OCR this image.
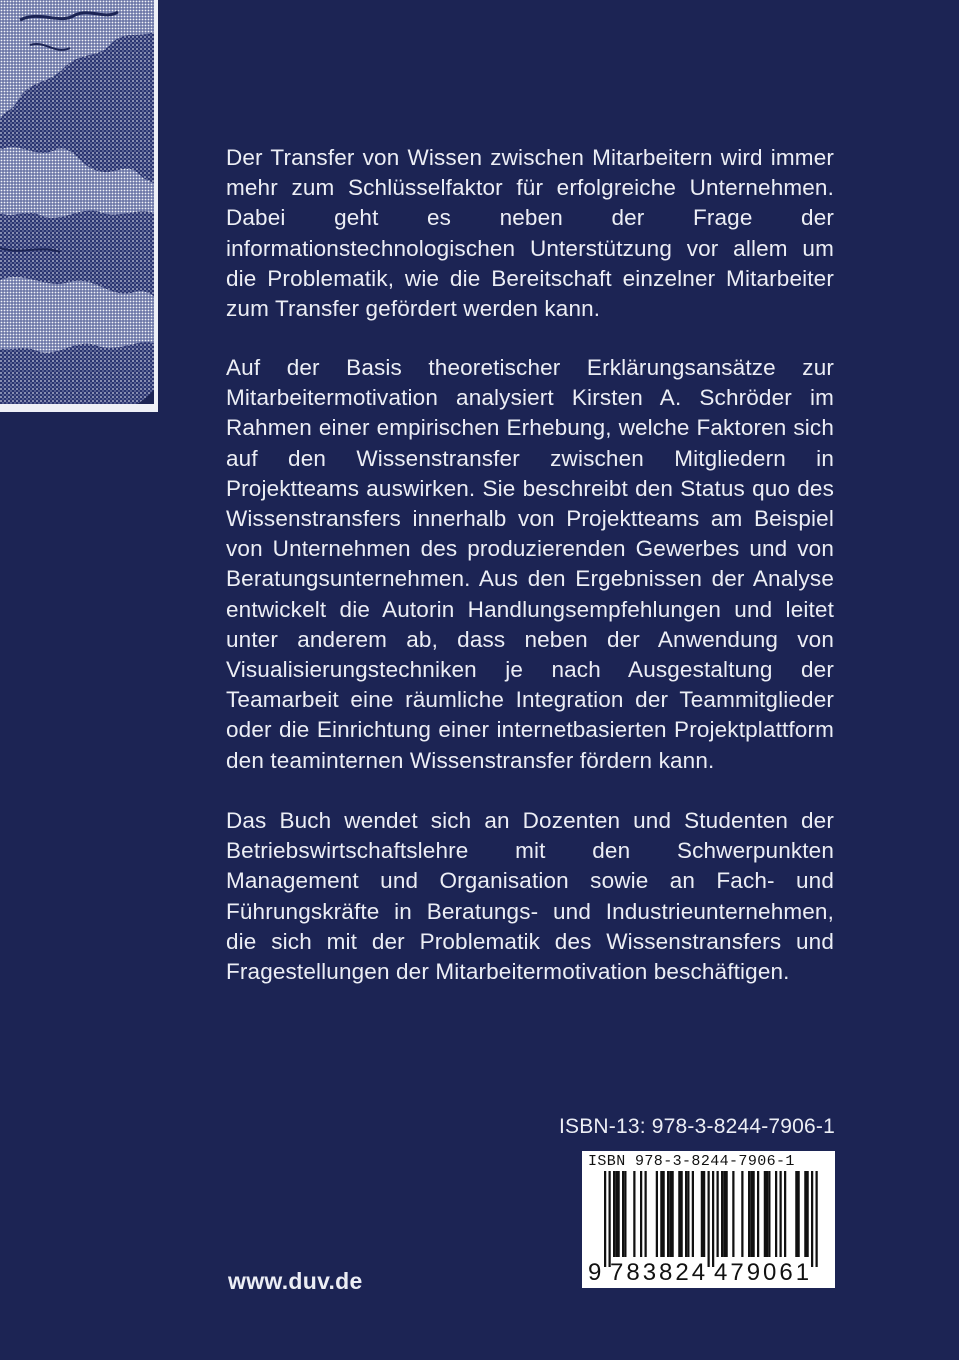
Der Transfer von Wissen zwischen Mitarbeitern wird immer mehr zum Schlüsselfaktor für erfolgreiche Unternehmen. Dabei geht es neben der Frage der informationstechnologischen Unterstützung vor allem um die Problematik, wie die Bereitschaft einzelner Mitarbeiter zum Transfer gefördert werden kann.

Auf der Basis theoretischer Erklärungsansätze zur Mitarbeitermotivation analysiert Kirsten A. Schröder im Rahmen einer empirischen Erhebung, welche Faktoren sich auf den Wissenstransfer zwischen Mitgliedern in Projektteams auswirken. Sie beschreibt den Status quo des Wissenstransfers innerhalb von Projektteams am Beispiel von Unternehmen des produzierenden Gewerbes und von Beratungsunternehmen. Aus den Ergebnissen der Analyse entwickelt die Autorin Handlungsempfehlungen und leitet unter anderem ab, dass neben der Anwendung von Visualisierungstechniken je nach Ausgestaltung der Teamarbeit eine räumliche Integration der Teammitglieder oder die Einrichtung einer internetbasierten Projektplattform den teaminternen Wissenstransfer fördern kann.

Das Buch wendet sich an Dozenten und Studenten der Betriebswirtschaftslehre mit den Schwerpunkten Management und Organisation sowie an Fach- und Führungskräfte in Beratungs- und Industrieunternehmen, die sich mit der Problematik des Wissenstransfers und Fragestellungen der Mitarbeitermotivation beschäftigen.

ISBN-13: 978-3-8244-7906-1
ISBN 978-3-8244-7906-1
9 783824 479061
www.duv.de
